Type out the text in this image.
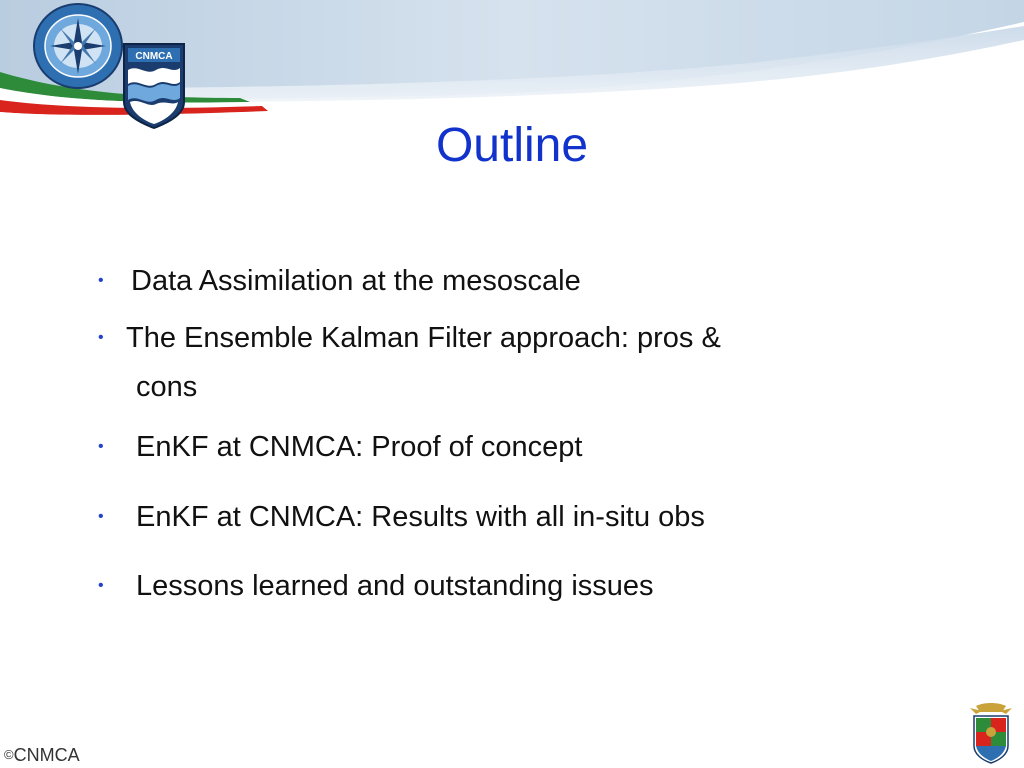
CNMCA
Outline
• Data Assimilation at the mesoscale
• The Ensemble Kalman Filter approach: pros &
cons
• EnKF at CNMCA: Proof of concept
• EnKF at CNMCA: Results with all in-situ obs
• Lessons learned and outstanding issues
©CNMCA
